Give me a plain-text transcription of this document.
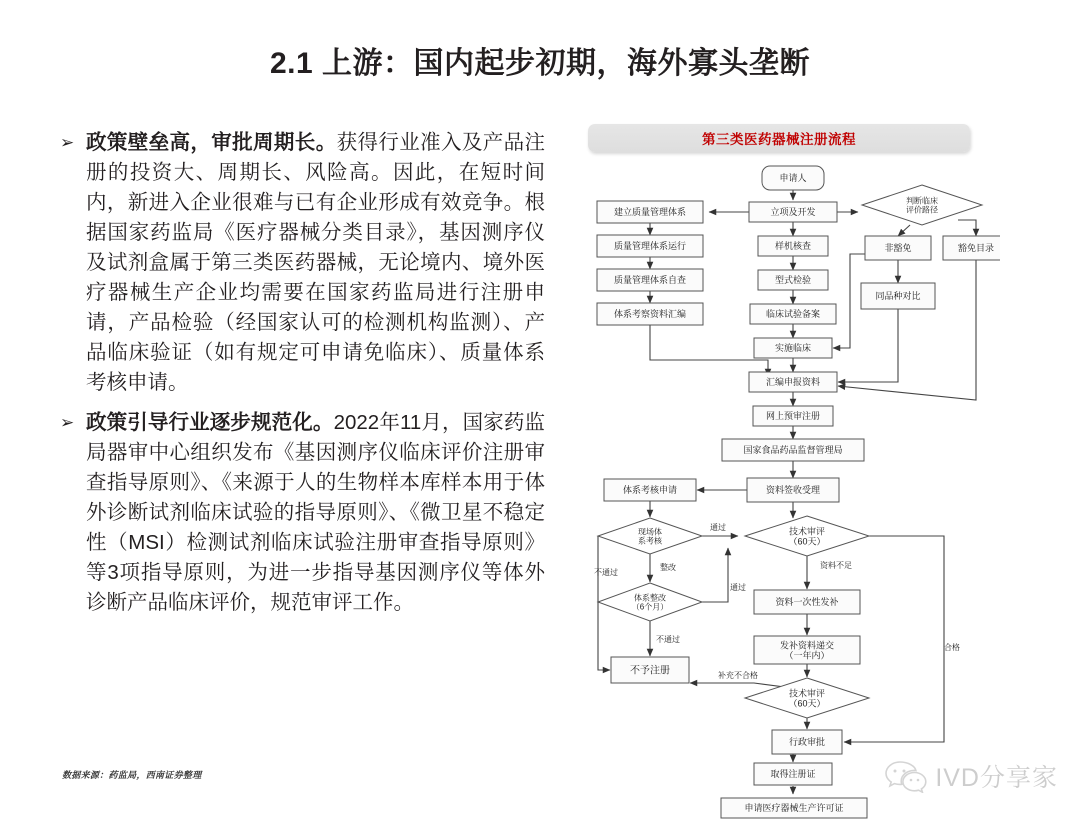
2.1 上游：国内起步初期，海外寡头垄断
➢ 政策壁垒高，审批周期长。获得行业准入及产品注册的投资大、周期长、风险高。因此，在短时间内，新进入企业很难与已有企业形成有效竞争。根据国家药监局《医疗器械分类目录》，基因测序仪及试剂盒属于第三类医药器械，无论境内、境外医疗器械生产企业均需要在国家药监局进行注册申请，产品检验（经国家认可的检测机构监测）、产品临床验证（如有规定可申请免临床）、质量体系考核申请。
➢ 政策引导行业逐步规范化。2022年11月，国家药监局器审中心组织发布《基因测序仪临床评价注册审查指导原则》、《来源于人的生物样本库样本用于体外诊断试剂临床试验的指导原则》、《微卫星不稳定性（MSI）检测试剂临床试验注册审查指导原则》等3项指导原则，为进一步指导基因测序仪等体外诊断产品临床评价，规范审评工作。
数据来源：药监局，西南证券整理	IVD分享家
第三类医药器械注册流程
申请人
立项及开发
样机核查
型式检验
临床试验备案
实施临床
汇编申报资料
网上预审注册
国家食品药品监督管理局
资料签收受理
建立质量管理体系
质量管理体系运行
质量管理体系自查
体系考察资料汇编
体系考核申请
判断临床评价路径
非豁免	豁免目录
同品种对比
现场体系考核
体系整改（6个月）
不予注册
技术审评（60天）
资料一次性发补
发补资料递交（一年内）
技术审评（60天）
行政审批
取得注册证
申请医疗器械生产许可证
通过
通过
不通过
整改
不通过
资料不足
补充不合格
合格
